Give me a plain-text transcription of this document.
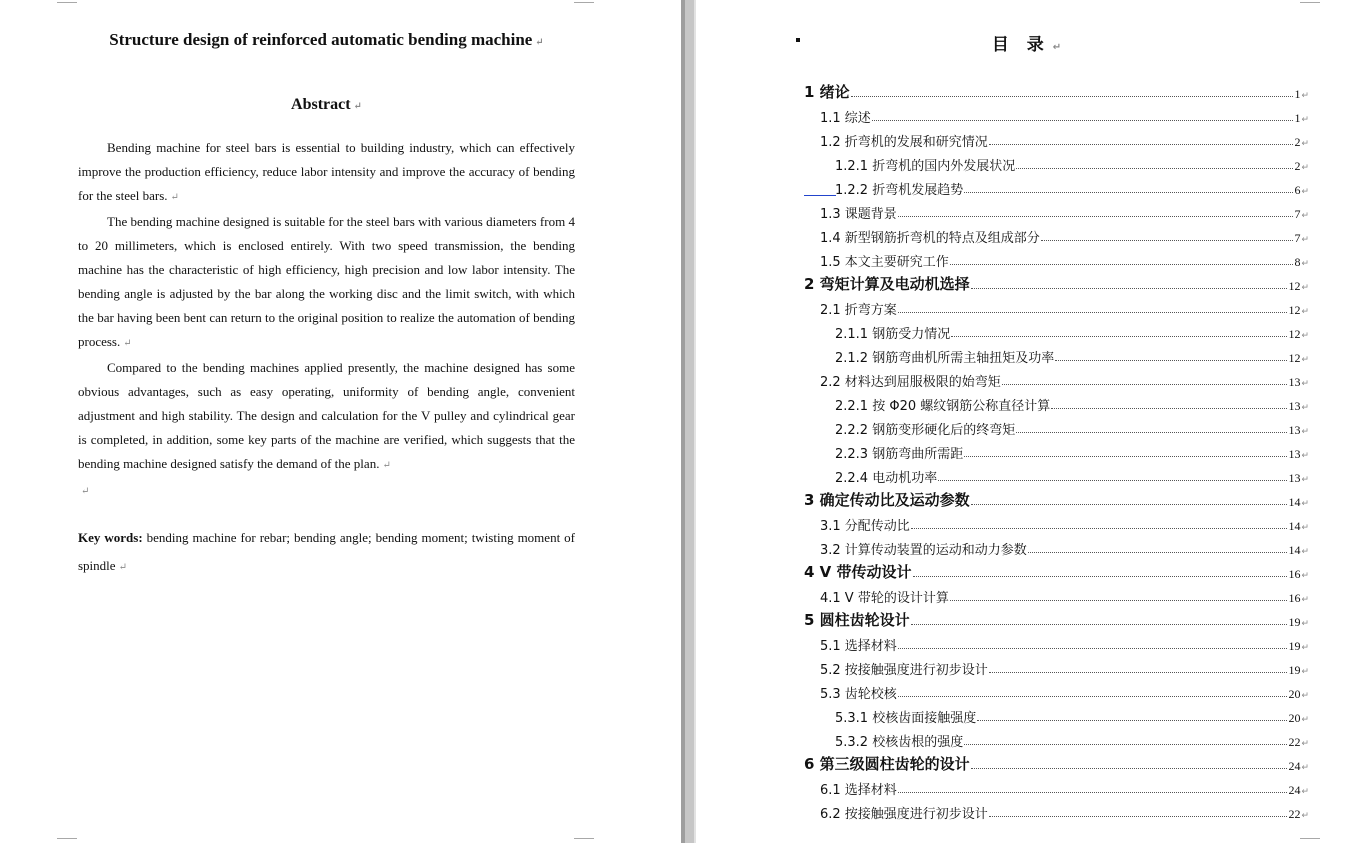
Structure design of reinforced automatic bending machine ↵
Abstract ↵

Bending machine for steel bars is essential to building industry, which can effectively improve the production efficiency, reduce labor intensity and improve the accuracy of bending for the steel bars. ↵

The bending machine designed is suitable for the steel bars with various diameters from 4 to 20 millimeters, which is enclosed entirely. With two speed transmission, the bending machine has the characteristic of high efficiency, high precision and low labor intensity. The bending angle is adjusted by the bar along the working disc and the limit switch, with which the bar having been bent can return to the original position to realize the automation of bending process. ↵

Compared to the bending machines applied presently, the machine designed has some obvious advantages, such as easy operating, uniformity of bending angle, convenient adjustment and high stability. The design and calculation for the V pulley and cylindrical gear is completed, in addition, some key parts of the machine are verified, which suggests that the bending machine designed satisfy the demand of the plan. ↵

↵
Key words: bending machine for rebar; bending angle; bending moment; twisting moment of spindle ↵
目 录 ↵
1 绪论	1↵
1.1 综述	1↵
1.2 折弯机的发展和研究情况	2↵
1.2.1 折弯机的国内外发展状况	2↵
1.2.2 折弯机发展趋势	6↵
1.3 课题背景	7↵
1.4 新型钢筋折弯机的特点及组成部分	7↵
1.5 本文主要研究工作	8↵
2 弯矩计算及电动机选择	12↵
2.1 折弯方案	12↵
2.1.1 钢筋受力情况	12↵
2.1.2 钢筋弯曲机所需主轴扭矩及功率	12↵
2.2 材料达到屈服极限的始弯矩	13↵
2.2.1 按 Φ20 螺纹钢筋公称直径计算	13↵
2.2.2 钢筋变形硬化后的终弯矩	13↵
2.2.3 钢筋弯曲所需距	13↵
2.2.4 电动机功率	13↵
3 确定传动比及运动参数	14↵
3.1 分配传动比	14↵
3.2 计算传动装置的运动和动力参数	14↵
4 V 带传动设计	16↵
4.1 V 带轮的设计计算	16↵
5 圆柱齿轮设计	19↵
5.1 选择材料	19↵
5.2 按接触强度进行初步设计	19↵
5.3 齿轮校核	20↵
5.3.1 校核齿面接触强度	20↵
5.3.2 校核齿根的强度	22↵
6 第三级圆柱齿轮的设计	24↵
6.1 选择材料	24↵
6.2 按接触强度进行初步设计	22↵
